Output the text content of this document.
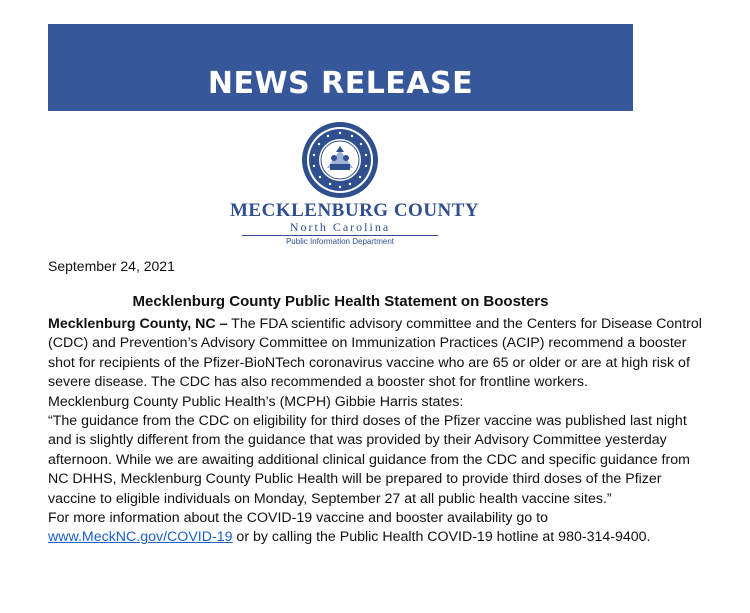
NEWS RELEASE
MECKLENBURG COUNTY
North Carolina
Public Information Department
September 24, 2021
Mecklenburg County Public Health Statement on Boosters

Mecklenburg County, NC – The FDA scientific advisory committee and the Centers for Disease Control (CDC) and Prevention’s Advisory Committee on Immunization Practices (ACIP) recommend a booster shot for recipients of the Pfizer-BioNTech coronavirus vaccine who are 65 or older or are at high risk of severe disease. The CDC has also recommended a booster shot for frontline workers.

Mecklenburg County Public Health’s (MCPH) Gibbie Harris states:

“The guidance from the CDC on eligibility for third doses of the Pfizer vaccine was published last night and is slightly different from the guidance that was provided by their Advisory Committee yesterday afternoon. While we are awaiting additional clinical guidance from the CDC and specific guidance from NC DHHS, Mecklenburg County Public Health will be prepared to provide third doses of the Pfizer vaccine to eligible individuals on Monday, September 27 at all public health vaccine sites.”

For more information about the COVID-19 vaccine and booster availability go to www.MeckNC.gov/COVID-19 or by calling the Public Health COVID-19 hotline at 980-314-9400.
